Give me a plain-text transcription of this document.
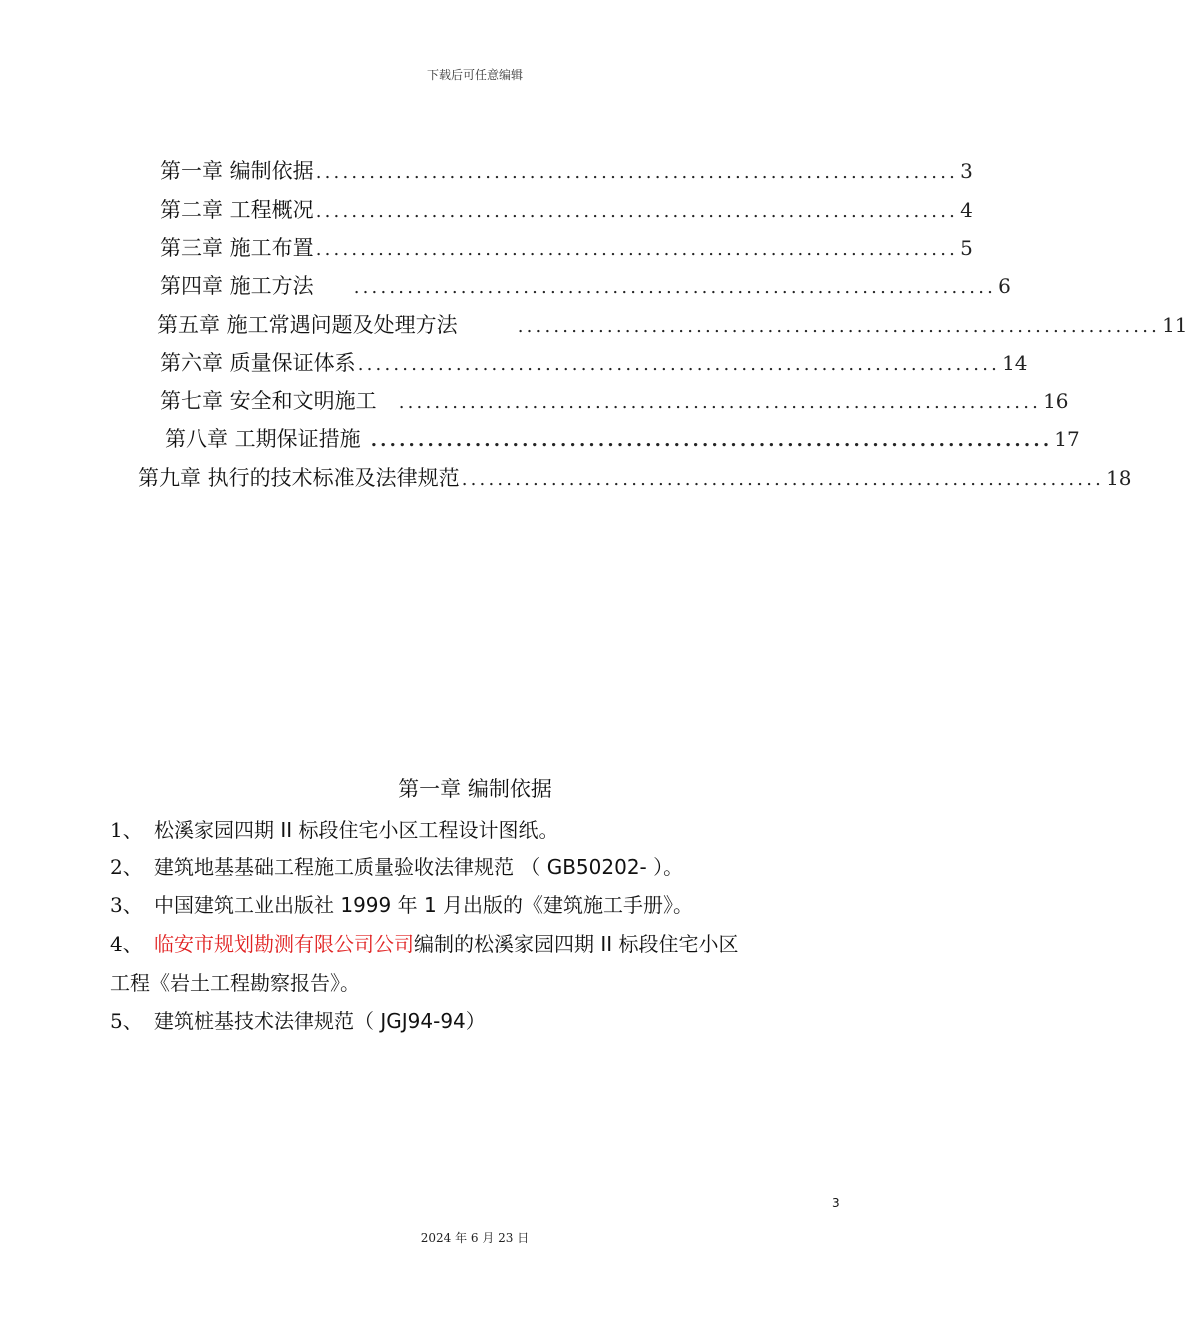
下载后可任意编辑
第一章 编制依据 ........................................................................ 3
第二章 工程概况 ........................................................................ 4
第三章 施工布置 ........................................................................ 5
第四章 施工方法 ........................................................................ 6
第五章 施工常遇问题及处理方法	........................................................................ 11
第六章 质量保证体系 ........................................................................ 14
第七章 安全和文明施工 ........................................................................ 16
第八章 工期保证措施 ........................................................................ 17
第九章 执行的技术标准及法律规范 ........................................................................ 18
第一章 编制依据
1、 松溪家园四期 II 标段住宅小区工程设计图纸。
2、 建筑地基基础工程施工质量验收法律规范 （ GB50202- ）。
3、 中国建筑工业出版社 1999 年 1 月出版的《建筑施工手册》。
4、 临安市规划勘测有限公司公司编制的松溪家园四期 II 标段住宅小区
工程《岩土工程勘察报告》。
5、 建筑桩基技术法律规范（ JGJ94-94）
3
2024 年 6 月 23 日
